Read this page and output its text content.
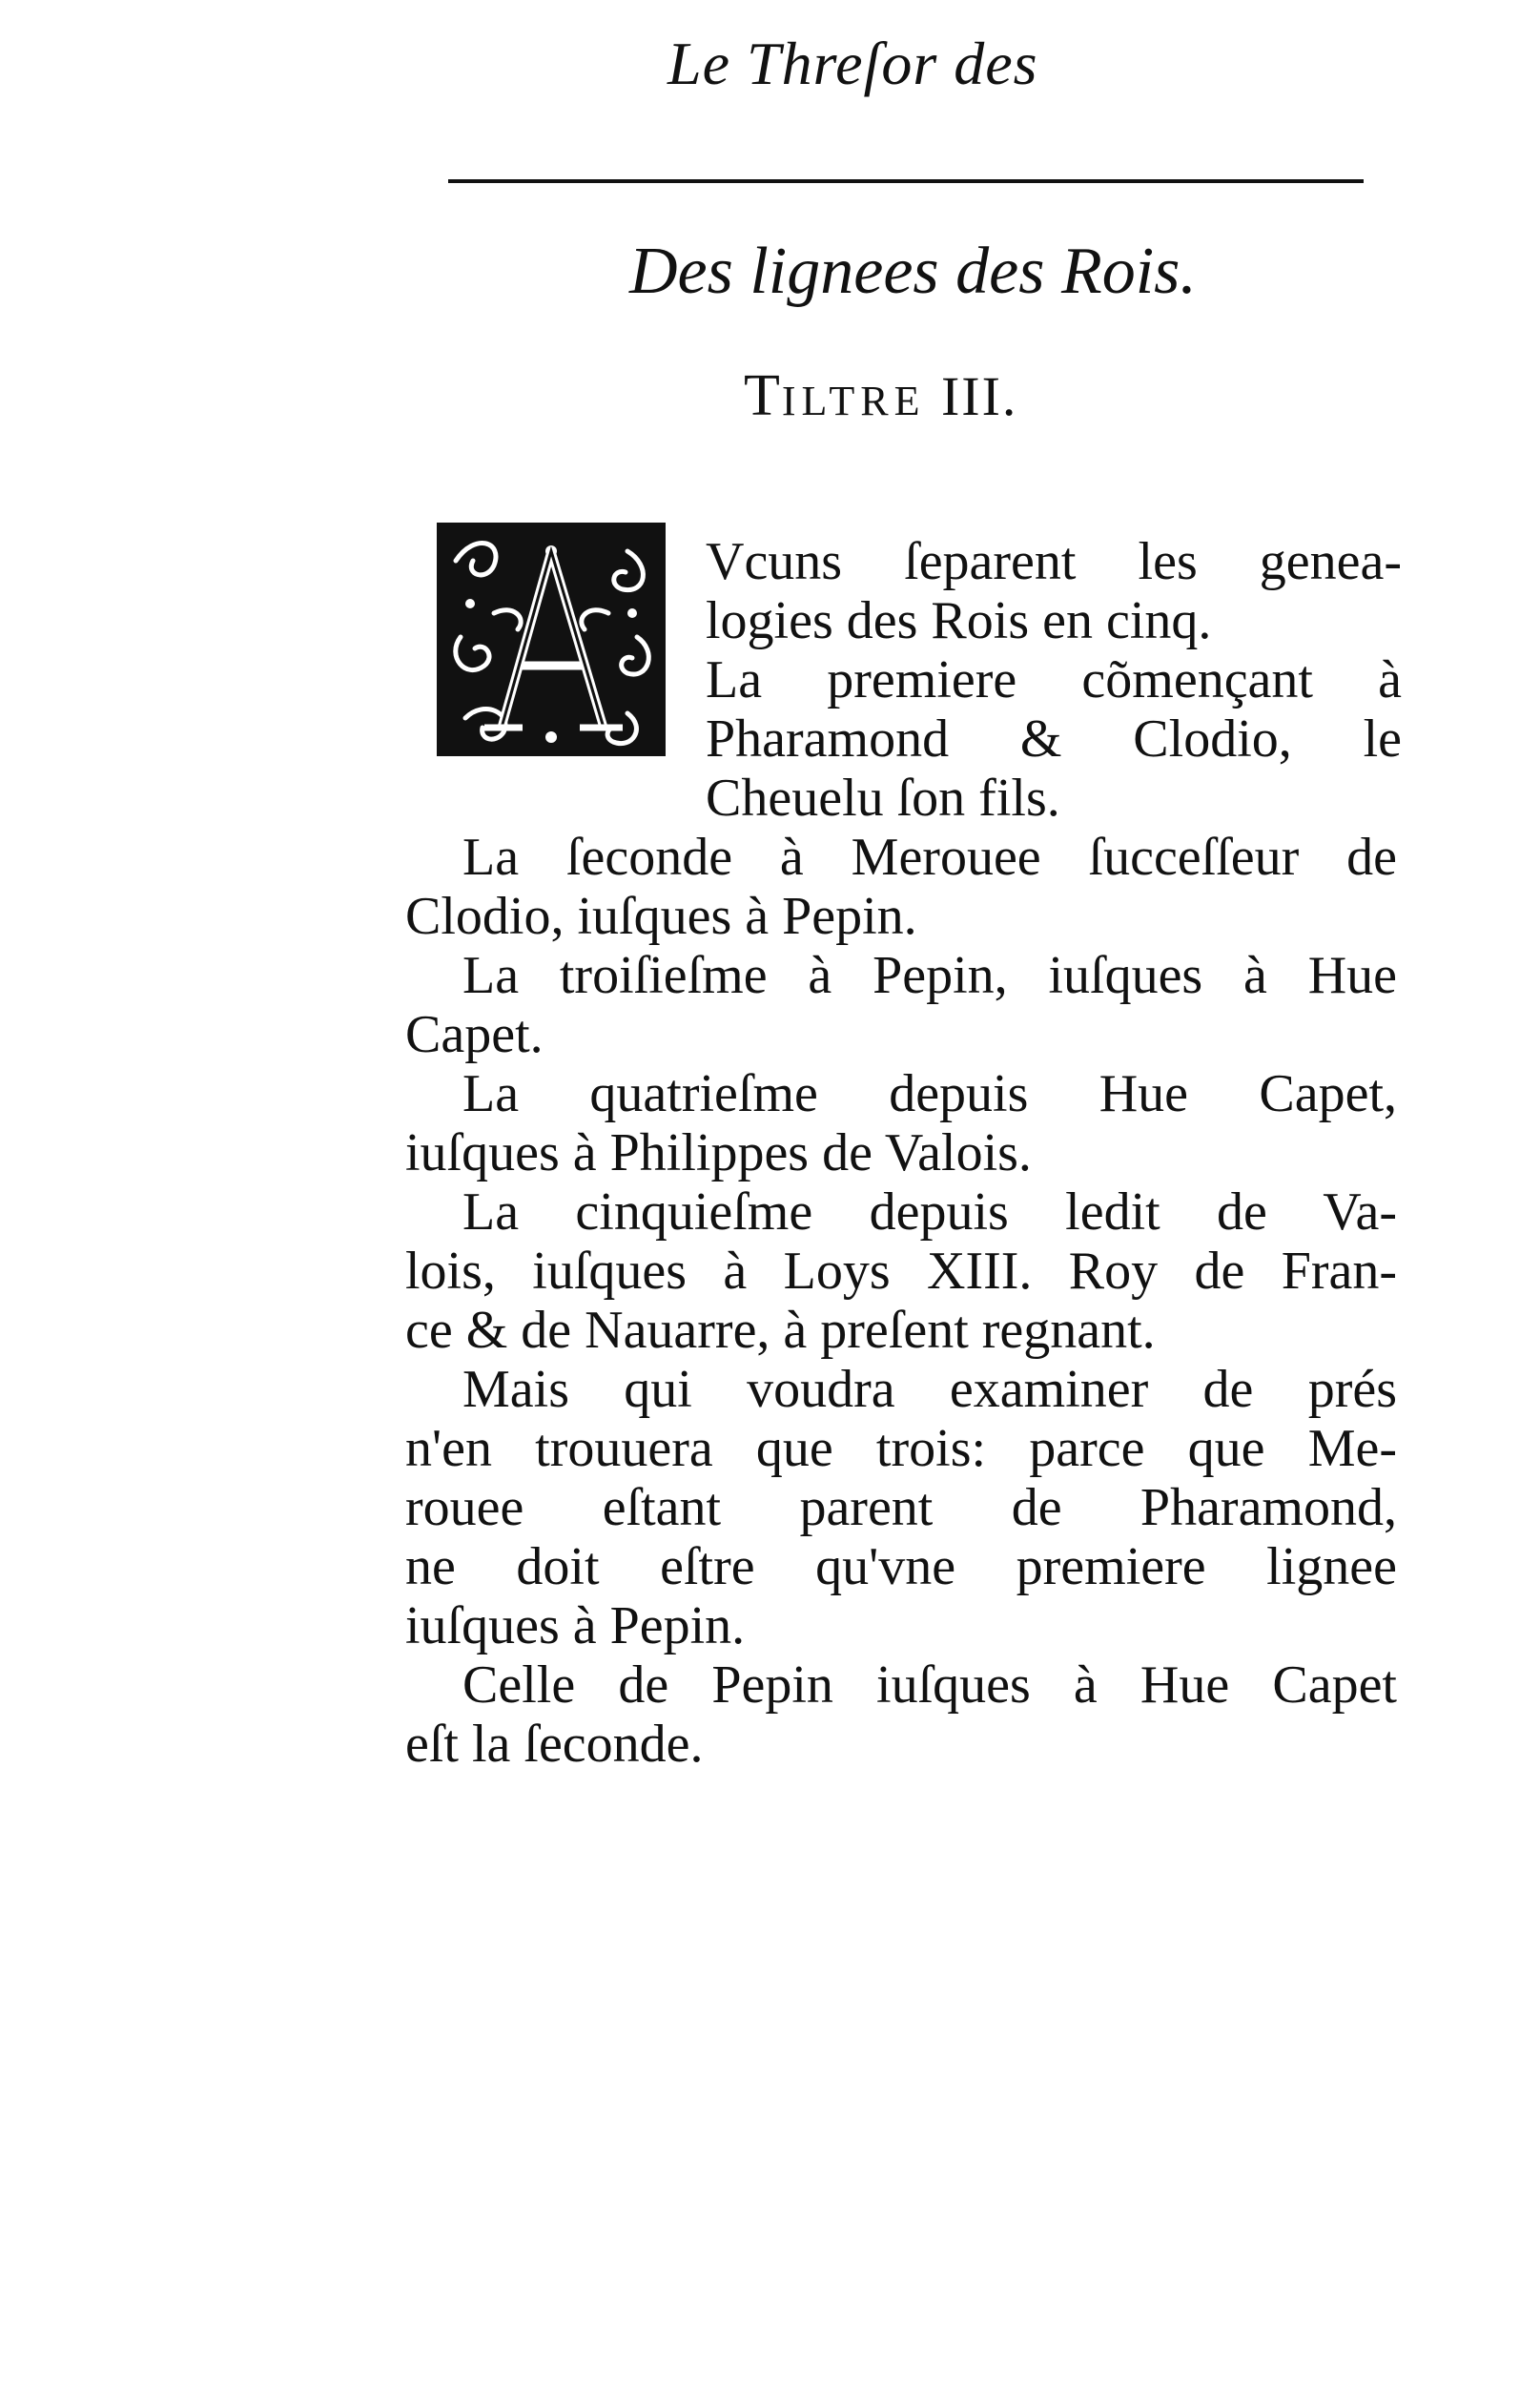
Le Threſor des
Des lignees des Rois.
TILTRE III.
Vcuns ſeparent les genea-
logies des Rois en cinq.
La premiere cõmençant à
Pharamond & Clodio, le
Cheuelu ſon fils.
La ſeconde à Merouee ſucceſſeur de
Clodio, iuſques à Pepin.
La troiſieſme à Pepin, iuſques à Hue
Capet.
La quatrieſme depuis Hue Capet,
iuſques à Philippes de Valois.
La cinquieſme depuis ledit de Va-
lois, iuſques à Loys XIII. Roy de Fran-
ce & de Nauarre, à preſent regnant.
Mais qui voudra examiner de prés
n'en trouuera que trois: parce que Me-
rouee eſtant parent de Pharamond,
ne doit eſtre qu'vne premiere lignee
iuſques à Pepin.
Celle de Pepin iuſques à Hue Capet
eſt la ſeconde.
